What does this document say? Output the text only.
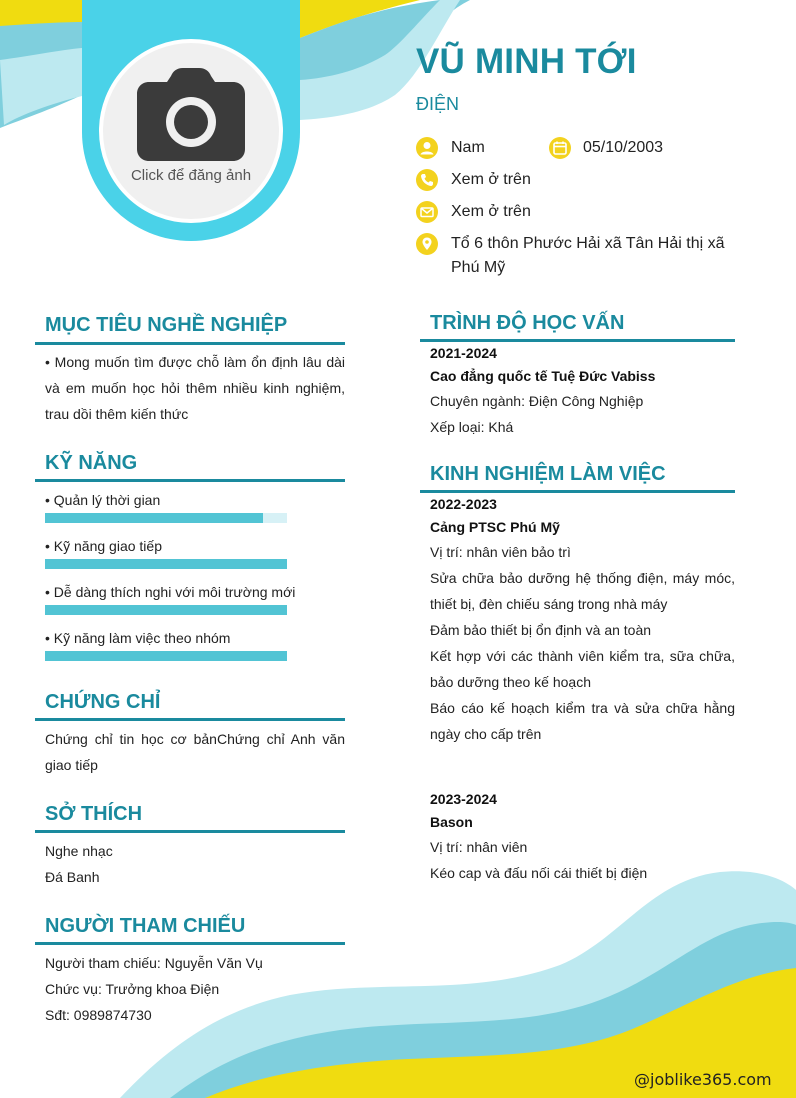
Click để đăng ảnh
VŨ MINH TỚI
ĐIỆN
Nam	05/10/2003
Xem ở trên
Xem ở trên
Tổ 6 thôn Phước Hải xã Tân Hải thị xã Phú Mỹ
MỤC TIÊU NGHỀ NGHIỆP
• Mong muốn tìm được chỗ làm ổn định lâu dài và em muốn học hỏi thêm nhiều kinh nghiệm, trau dồi thêm kiến thức
KỸ NĂNG
• Quản lý thời gian
• Kỹ năng giao tiếp
• Dễ dàng thích nghi với môi trường mới
• Kỹ năng làm việc theo nhóm
CHỨNG CHỈ
Chứng chỉ tin học cơ bảnChứng chỉ Anh văn giao tiếp
SỞ THÍCH
Nghe nhạc
Đá Banh
NGƯỜI THAM CHIẾU
Người tham chiếu: Nguyễn Văn Vụ
Chức vụ: Trưởng khoa Điện
Sđt: 0989874730
TRÌNH ĐỘ HỌC VẤN
2021-2024
Cao đẳng quốc tế Tuệ Đức Vabiss
Chuyên ngành: Điện Công Nghiệp
Xếp loại: Khá
KINH NGHIỆM LÀM VIỆC
2022-2023
Cảng PTSC Phú Mỹ
Vị trí: nhân viên bảo trì
Sửa chữa bảo dưỡng hệ thống điện, máy móc, thiết bị, đèn chiếu sáng trong nhà máy
Đảm bảo thiết bị ổn định và an toàn
Kết hợp với các thành viên kiểm tra, sữa chữa, bảo dưỡng theo kế hoạch
Báo cáo kế hoạch kiểm tra và sửa chữa hằng ngày cho cấp trên
2023-2024
Bason
Vị trí: nhân viên
Kéo cap và đấu nối cái thiết bị điện
@joblike365.com
